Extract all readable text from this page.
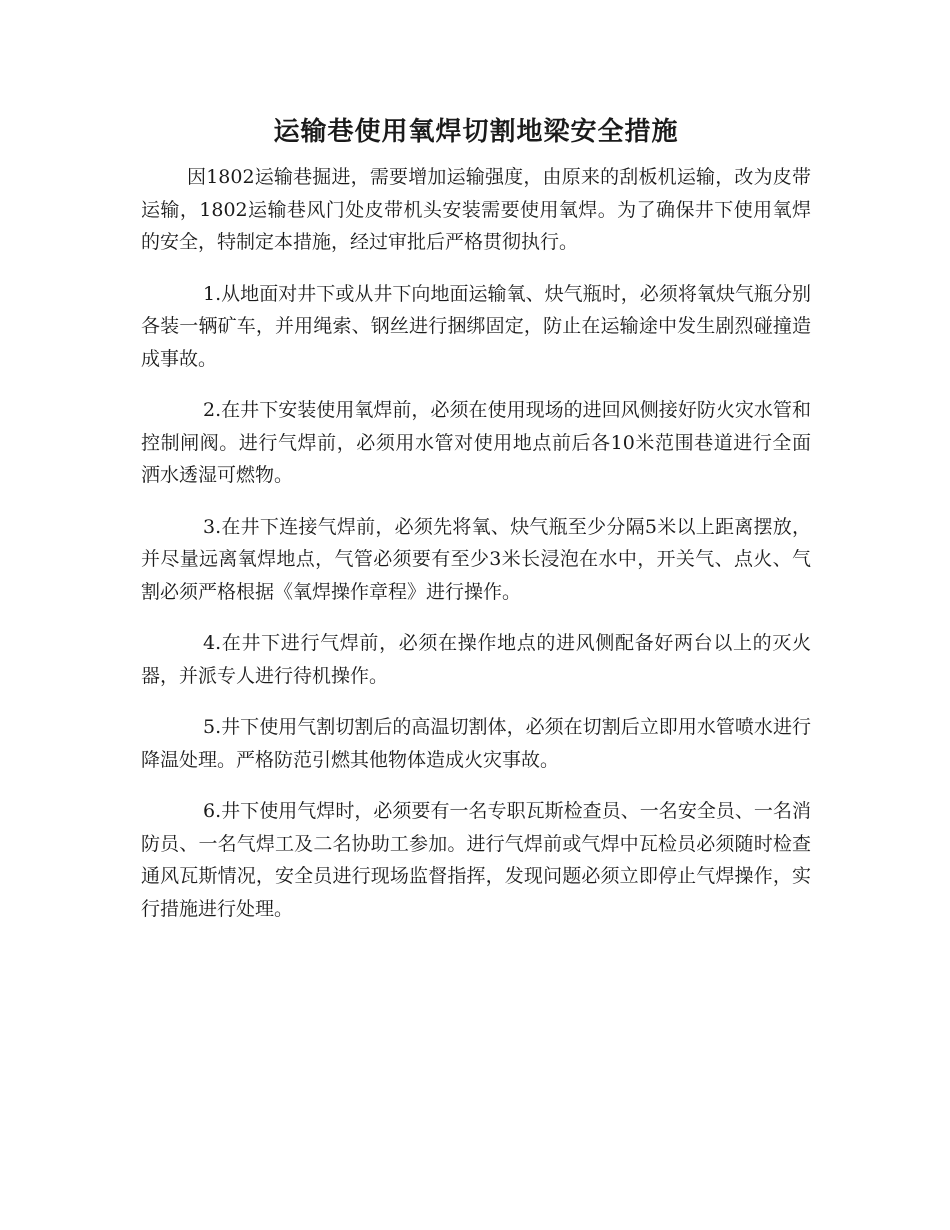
运输巷使用氧焊切割地梁安全措施

因1802运输巷掘进，需要增加运输强度，由原来的刮板机运输，改为皮带运输，1802运输巷风门处皮带机头安装需要使用氧焊。为了确保井下使用氧焊的安全，特制定本措施，经过审批后严格贯彻执行。

1.从地面对井下或从井下向地面运输氧、炔气瓶时，必须将氧炔气瓶分别各装一辆矿车，并用绳索、钢丝进行捆绑固定，防止在运输途中发生剧烈碰撞造成事故。

2.在井下安装使用氧焊前，必须在使用现场的进回风侧接好防火灾水管和控制闸阀。进行气焊前，必须用水管对使用地点前后各10米范围巷道进行全面洒水透湿可燃物。

3.在井下连接气焊前，必须先将氧、炔气瓶至少分隔5米以上距离摆放，并尽量远离氧焊地点，气管必须要有至少3米长浸泡在水中，开关气、点火、气割必须严格根据《氧焊操作章程》进行操作。

4.在井下进行气焊前，必须在操作地点的进风侧配备好两台以上的灭火器，并派专人进行待机操作。

5.井下使用气割切割后的高温切割体，必须在切割后立即用水管喷水进行降温处理。严格防范引燃其他物体造成火灾事故。

6.井下使用气焊时，必须要有一名专职瓦斯检查员、一名安全员、一名消防员、一名气焊工及二名协助工参加。进行气焊前或气焊中瓦检员必须随时检查通风瓦斯情况，安全员进行现场监督指挥，发现问题必须立即停止气焊操作，实行措施进行处理。
